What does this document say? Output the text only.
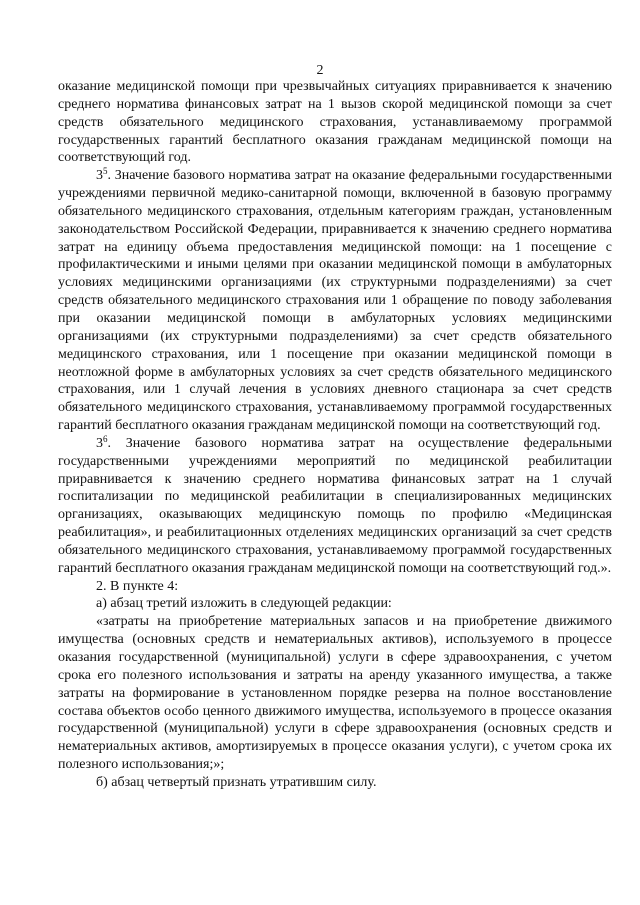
2

оказание медицинской помощи при чрезвычайных ситуациях приравнивается к значению среднего норматива финансовых затрат на 1 вызов скорой медицинской помощи за счет средств обязательного медицинского страхования, устанавливаемому программой государственных гарантий бесплатного оказания гражданам медицинской помощи на соответствующий год.

$3^5$. Значение базового норматива затрат на оказание федеральными государственными учреждениями первичной медико-санитарной помощи, включенной в базовую программу обязательного медицинского страхования, отдельным категориям граждан, установленным законодательством Российской Федерации, приравнивается к значению среднего норматива затрат на единицу объема предоставления медицинской помощи: на 1 посещение с профилактическими и иными целями при оказании медицинской помощи в амбулаторных условиях медицинскими организациями (их структурными подразделениями) за счет средств обязательного медицинского страхования или 1 обращение по поводу заболевания при оказании медицинской помощи в амбулаторных условиях медицинскими организациями (их структурными подразделениями) за счет средств обязательного медицинского страхования, или 1 посещение при оказании медицинской помощи в неотложной форме в амбулаторных условиях за счет средств обязательного медицинского страхования, или 1 случай лечения в условиях дневного стационара за счет средств обязательного медицинского страхования, устанавливаемому программой государственных гарантий бесплатного оказания гражданам медицинской помощи на соответствующий год.

$3^6$. Значение базового норматива затрат на осуществление федеральными государственными учреждениями мероприятий по медицинской реабилитации приравнивается к значению среднего норматива финансовых затрат на 1 случай госпитализации по медицинской реабилитации в специализированных медицинских организациях, оказывающих медицинскую помощь по профилю «Медицинская реабилитация», и реабилитационных отделениях медицинских организаций за счет средств обязательного медицинского страхования, устанавливаемому программой государственных гарантий бесплатного оказания гражданам медицинской помощи на соответствующий год.».

2. В пункте 4:

а) абзац третий изложить в следующей редакции:

«затраты на приобретение материальных запасов и на приобретение движимого имущества (основных средств и нематериальных активов), используемого в процессе оказания государственной (муниципальной) услуги в сфере здравоохранения, с учетом срока его полезного использования и затраты на аренду указанного имущества, а также затраты на формирование в установленном порядке резерва на полное восстановление состава объектов особо ценного движимого имущества, используемого в процессе оказания государственной (муниципальной) услуги в сфере здравоохранения (основных средств и нематериальных активов, амортизируемых в процессе оказания услуги), с учетом срока их полезного использования;»;

б) абзац четвертый признать утратившим силу.
